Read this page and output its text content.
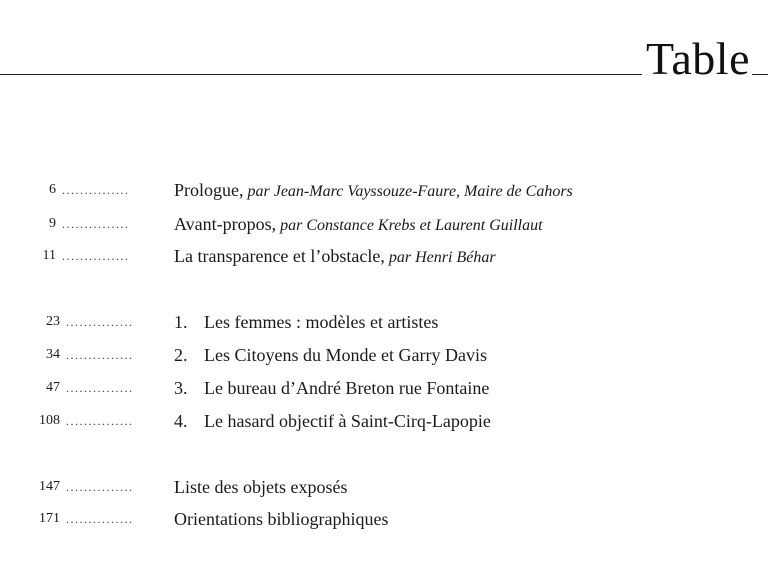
Table
6 ............... Prologue, par Jean-Marc Vayssouze-Faure, Maire de Cahors
9 ............... Avant-propos, par Constance Krebs et Laurent Guillaut
11 ............... La transparence et l’obstacle, par Henri Béhar
23 ............... 1. Les femmes : modèles et artistes
34 ............... 2. Les Citoyens du Monde et Garry Davis
47 ............... 3. Le bureau d’André Breton rue Fontaine
108 ............... 4. Le hasard objectif à Saint-Cirq-Lapopie
147 ............... Liste des objets exposés
171 ............... Orientations bibliographiques
